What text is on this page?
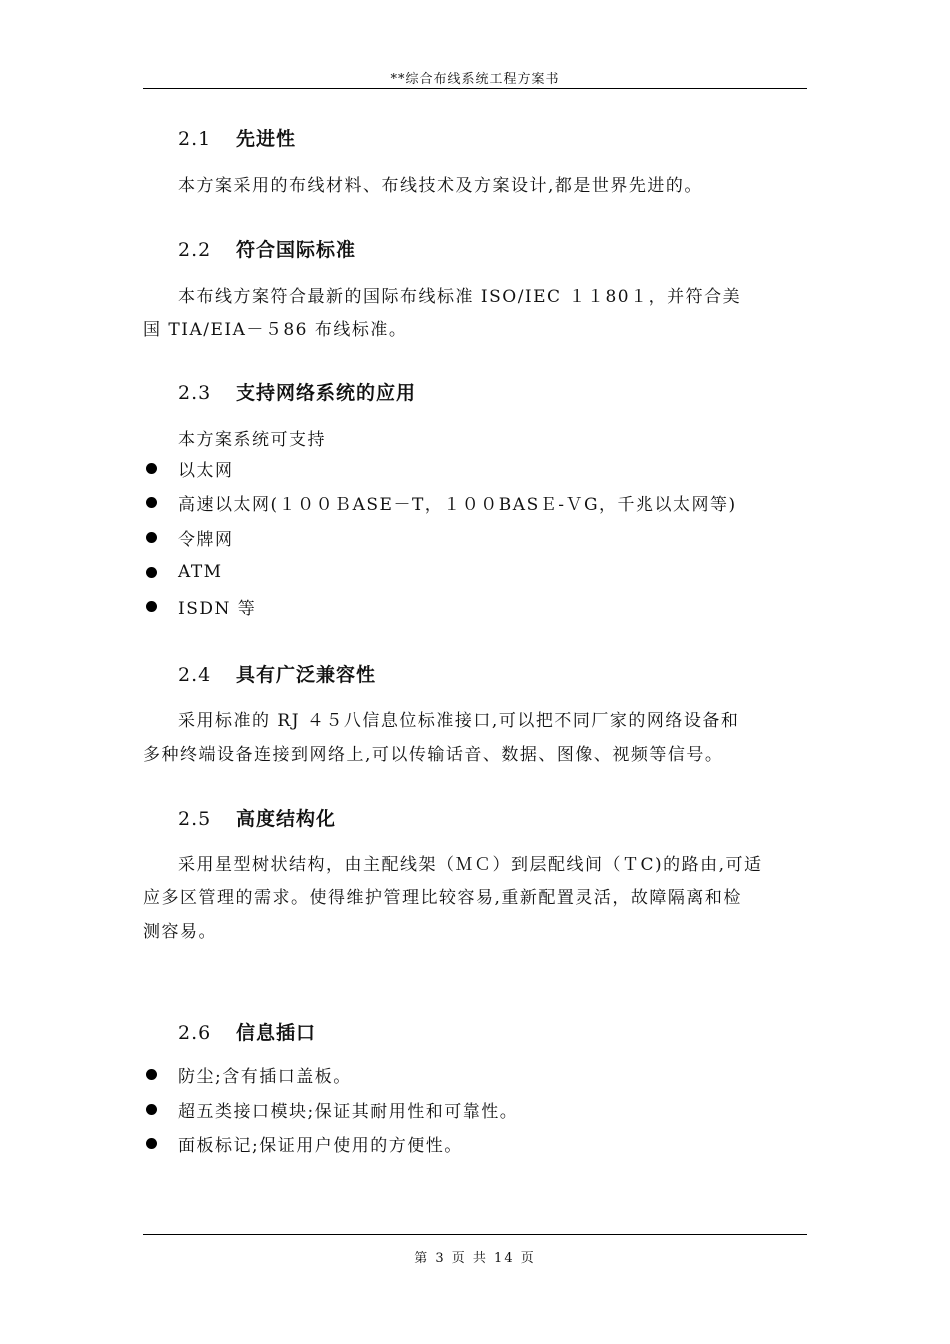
**综合布线系统工程方案书
2.1 先进性
本方案采用的布线材料、布线技术及方案设计,都是世界先进的。
2.2 符合国际标准
本布线方案符合最新的国际布线标准 ISO/ⅠEC １１80１，并符合美
国 TIA/EIA－５86 布线标准。
2.3 支持网络系统的应用
本方案系统可支持
以太网
高速以太网(１００ＢASE－T，１００BASＥ-ＶG，千兆以太网等)
令牌网
ATM
ISDN 等
2.4 具有广泛兼容性
采用标准的 RJ ４５八信息位标准接口,可以把不同厂家的网络设备和
多种终端设备连接到网络上,可以传输话音、数据、图像、视频等信号。
2.5 高度结构化
采用星型树状结构，由主配线架（ＭＣ）到层配线间（ＴC)的路由,可适
应多区管理的需求。使得维护管理比较容易,重新配置灵活，故障隔离和检
测容易。
2.6 信息插口
防尘;含有插口盖板。
超五类接口模块;保证其耐用性和可靠性。
面板标记;保证用户使用的方便性。
第 3 页 共 14 页
